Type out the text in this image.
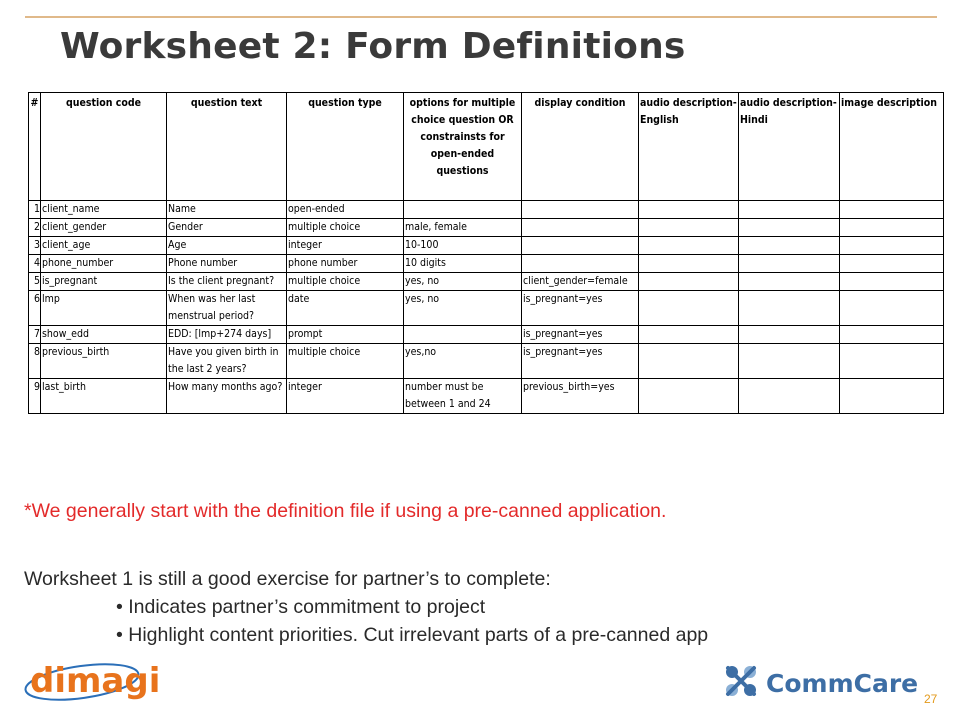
Worksheet 2: Form Definitions
#	question code	question text	question type	options for multiple choice question OR constrainsts for open-ended questions	display condition	audio description-English	audio description-Hindi	image description
1	client_name	Name	open-ended					
2	client_gender	Gender	multiple choice	male, female				
3	client_age	Age	integer	10-100				
4	phone_number	Phone number	phone number	10 digits				
5	is_pregnant	Is the client pregnant?	multiple choice	yes, no	client_gender=female			
6	lmp	When was her last menstrual period?	date	yes, no	is_pregnant=yes			
7	show_edd	EDD: [lmp+274 days]	prompt		is_pregnant=yes			
8	previous_birth	Have you given birth in the last 2 years?	multiple choice	yes,no	is_pregnant=yes			
9	last_birth	How many months ago?	integer	number must be between 1 and 24	previous_birth=yes			
*We generally start with the definition file if using a pre-canned application.
Worksheet 1 is still a good exercise for partner’s to complete:
• Indicates partner’s commitment to project
• Highlight content priorities. Cut irrelevant parts of a pre-canned app
dimagi	CommCare
27
